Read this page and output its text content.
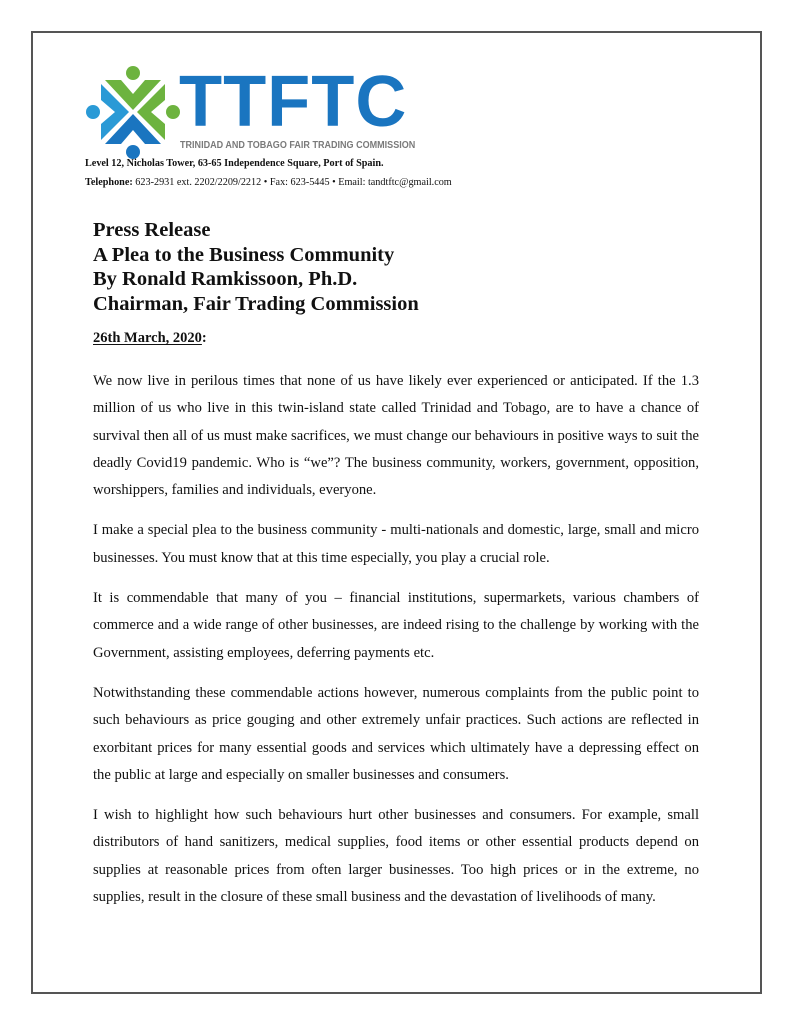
TTFTC
TRINIDAD AND TOBAGO FAIR TRADING COMMISSION
Level 12, Nicholas Tower, 63-65 Independence Square, Port of Spain.
Telephone: 623-2931 ext. 2202/2209/2212 • Fax: 623-5445 • Email: tandtftc@gmail.com
Press Release
A Plea to the Business Community
By Ronald Ramkissoon, Ph.D.
Chairman, Fair Trading Commission
26th March, 2020:

We now live in perilous times that none of us have likely ever experienced or anticipated. If the 1.3 million of us who live in this twin-island state called Trinidad and Tobago, are to have a chance of survival then all of us must make sacrifices, we must change our behaviours in positive ways to suit the deadly Covid19 pandemic. Who is “we”? The business community, workers, government, opposition, worshippers, families and individuals, everyone.

I make a special plea to the business community - multi-nationals and domestic, large, small and micro businesses. You must know that at this time especially, you play a crucial role.

It is commendable that many of you – financial institutions, supermarkets, various chambers of commerce and a wide range of other businesses, are indeed rising to the challenge by working with the Government, assisting employees, deferring payments etc.

Notwithstanding these commendable actions however, numerous complaints from the public point to such behaviours as price gouging and other extremely unfair practices. Such actions are reflected in exorbitant prices for many essential goods and services which ultimately have a depressing effect on the public at large and especially on smaller businesses and consumers.

I wish to highlight how such behaviours hurt other businesses and consumers. For example, small distributors of hand sanitizers, medical supplies, food items or other essential products depend on supplies at reasonable prices from often larger businesses. Too high prices or in the extreme, no supplies, result in the closure of these small business and the devastation of livelihoods of many.
